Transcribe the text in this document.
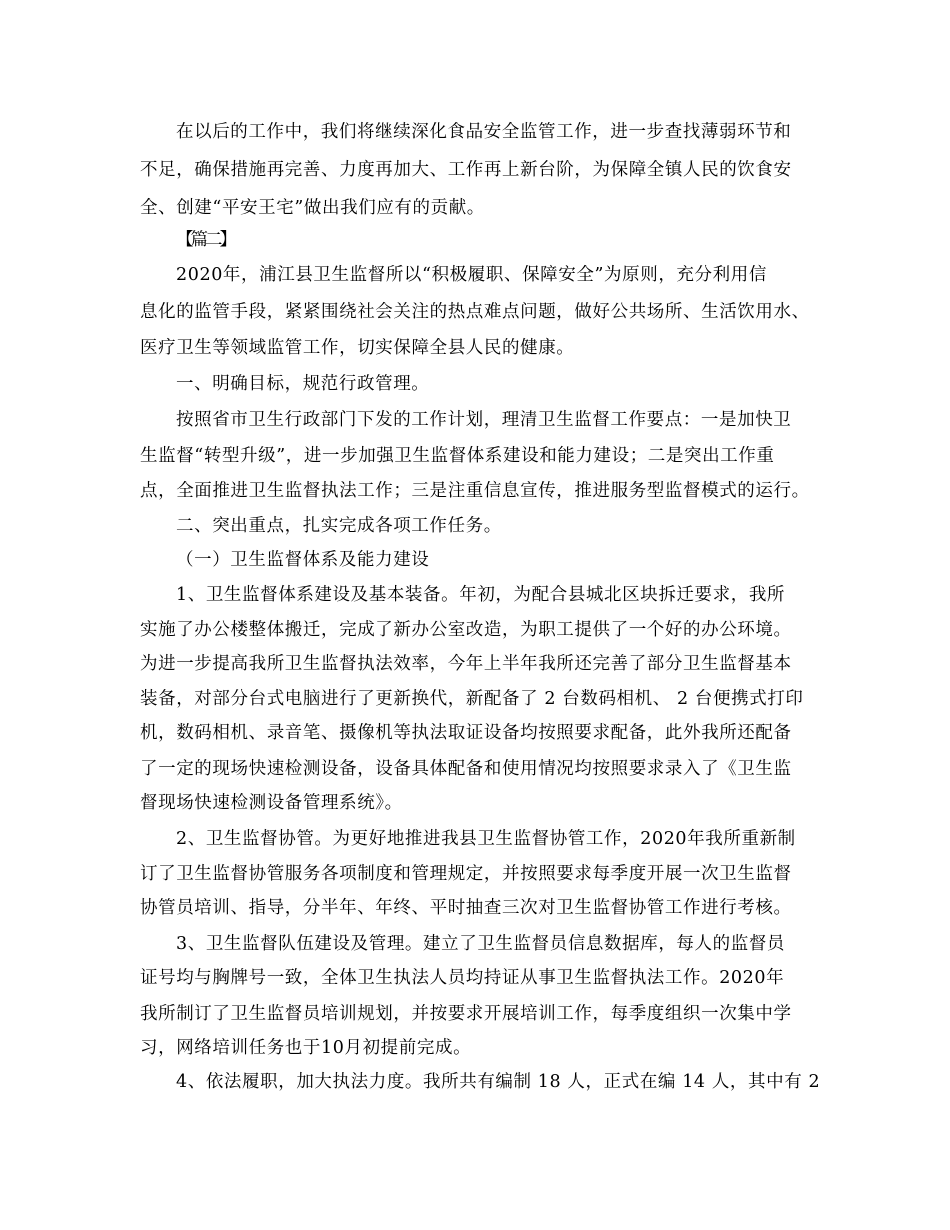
在以后的工作中，我们将继续深化食品安全监管工作，进一步查找薄弱环节和
不足，确保措施再完善、力度再加大、工作再上新台阶，为保障全镇人民的饮食安
全、创建“平安王宅”做出我们应有的贡献。
【篇二】
2020年，浦江县卫生监督所以“积极履职、保障安全”为原则，充分利用信
息化的监管手段，紧紧围绕社会关注的热点难点问题，做好公共场所、生活饮用水、
医疗卫生等领域监管工作，切实保障全县人民的健康。
一、明确目标，规范行政管理。
按照省市卫生行政部门下发的工作计划，理清卫生监督工作要点：一是加快卫
生监督“转型升级”，进一步加强卫生监督体系建设和能力建设；二是突出工作重
点，全面推进卫生监督执法工作；三是注重信息宣传，推进服务型监督模式的运行。
二、突出重点，扎实完成各项工作任务。
（一）卫生监督体系及能力建设
1、卫生监督体系建设及基本装备。年初，为配合县城北区块拆迁要求，我所
实施了办公楼整体搬迁，完成了新办公室改造，为职工提供了一个好的办公环境。
为进一步提高我所卫生监督执法效率，今年上半年我所还完善了部分卫生监督基本
装备，对部分台式电脑进行了更新换代，新配备了 2 台数码相机、 2 台便携式打印
机，数码相机、录音笔、摄像机等执法取证设备均按照要求配备，此外我所还配备
了一定的现场快速检测设备，设备具体配备和使用情况均按照要求录入了《卫生监
督现场快速检测设备管理系统》。
2、卫生监督协管。为更好地推进我县卫生监督协管工作，2020年我所重新制
订了卫生监督协管服务各项制度和管理规定，并按照要求每季度开展一次卫生监督
协管员培训、指导，分半年、年终、平时抽查三次对卫生监督协管工作进行考核。
3、卫生监督队伍建设及管理。建立了卫生监督员信息数据库，每人的监督员
证号均与胸牌号一致，全体卫生执法人员均持证从事卫生监督执法工作。2020年
我所制订了卫生监督员培训规划，并按要求开展培训工作，每季度组织一次集中学
习，网络培训任务也于10月初提前完成。
4、依法履职，加大执法力度。我所共有编制 18 人，正式在编 14 人，其中有 2
